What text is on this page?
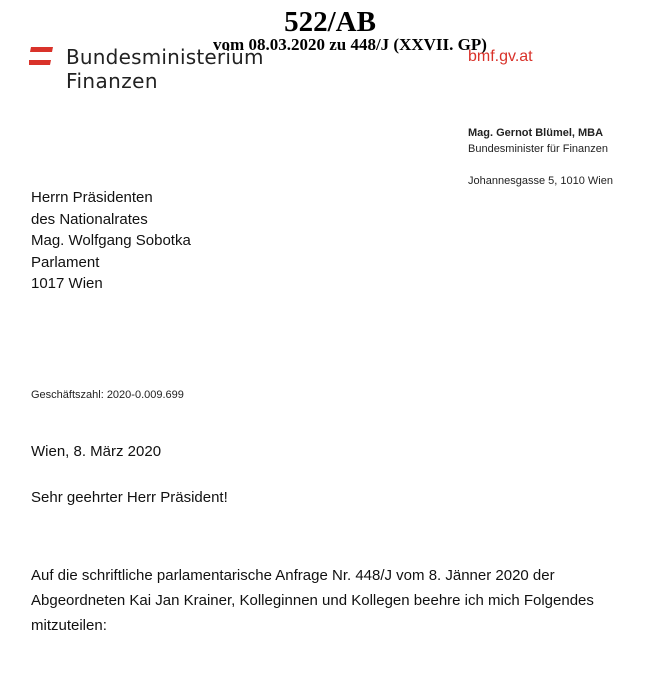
Bundesministerium
Finanzen
522/AB
vom 08.03.2020 zu 448/J (XXVII. GP)
bmf.gv.at
Mag. Gernot Blümel, MBA
Bundesminister für Finanzen
Johannesgasse 5, 1010 Wien
Herrn Präsidenten
des Nationalrates
Mag. Wolfgang Sobotka
Parlament
1017 Wien
Geschäftszahl: 2020-0.009.699
Wien, 8. März 2020
Sehr geehrter Herr Präsident!
Auf die schriftliche parlamentarische Anfrage Nr. 448/J vom 8. Jänner 2020 der
Abgeordneten Kai Jan Krainer, Kolleginnen und Kollegen beehre ich mich Folgendes
mitzuteilen:
